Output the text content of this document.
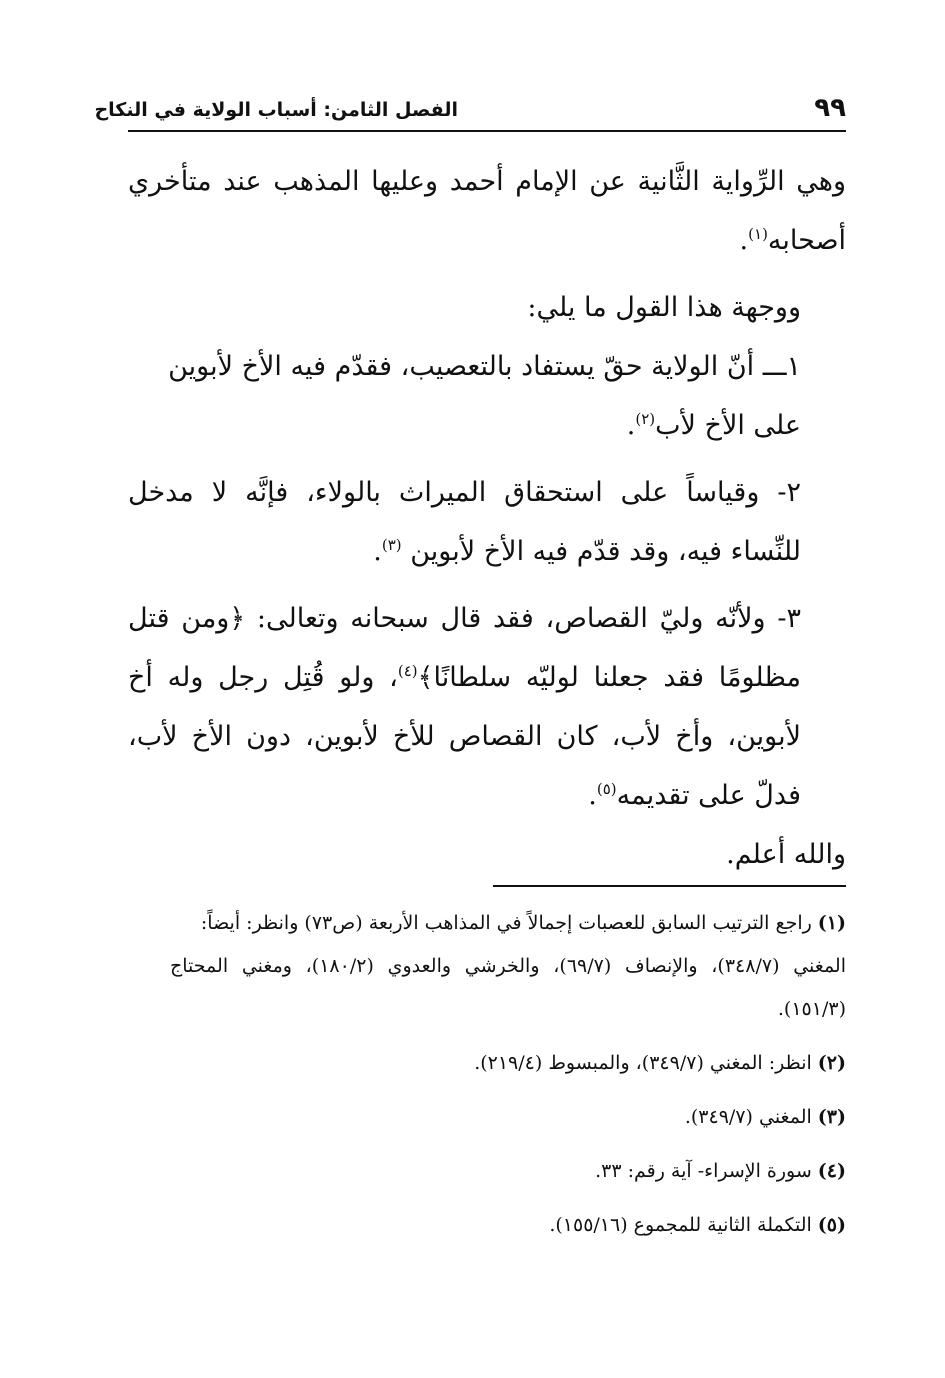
٩٩
الفصل الثامن: أسباب الولاية في النكاح

وهي الرِّواية الثَّانية عن الإمام أحمد وعليها المذهب عند متأخري أصحابه$^{(١)}$.

ووجهة هذا القول ما يلي:

١ـــ أنّ الولاية حقّ يستفاد بالتعصيب، فقدّم فيه الأخ لأبوين
على الأخ لأب$^{(٢)}$.

٢- وقياساً على استحقاق الميراث بالولاء، فإنَّه لا مدخل للنِّساء فيه، وقد قدّم فيه الأخ لأبوين $^{(٣)}$.

٣- ولأنّه وليّ القصاص، فقد قال سبحانه وتعالى: ﴿ومن قتل مظلومًا فقد جعلنا لوليّه سلطانًا﴾$^{(٤)}$، ولو قُتِل رجل وله أخ لأبوين، وأخ لأب، كان القصاص للأخ لأبوين، دون الأخ لأب، فدلّ على تقديمه$^{(٥)}$.

والله أعلم.

(١)راجع الترتيب السابق للعصبات إجمالاً في المذاهب الأربعة (ص٧٣) وانظر: أيضاً:
المغني (٣٤٨/٧)، والإنصاف (٦٩/٧)، والخرشي والعدوي (١٨٠/٢)، ومغني المحتاج (١٥١/٣).

(٢)انظر: المغني (٣٤٩/٧)، والمبسوط (٢١٩/٤).

(٣)المغني (٣٤٩/٧).

(٤)سورة الإسراء- آية رقم: ٣٣.

(٥)التكملة الثانية للمجموع (١٥٥/١٦).
